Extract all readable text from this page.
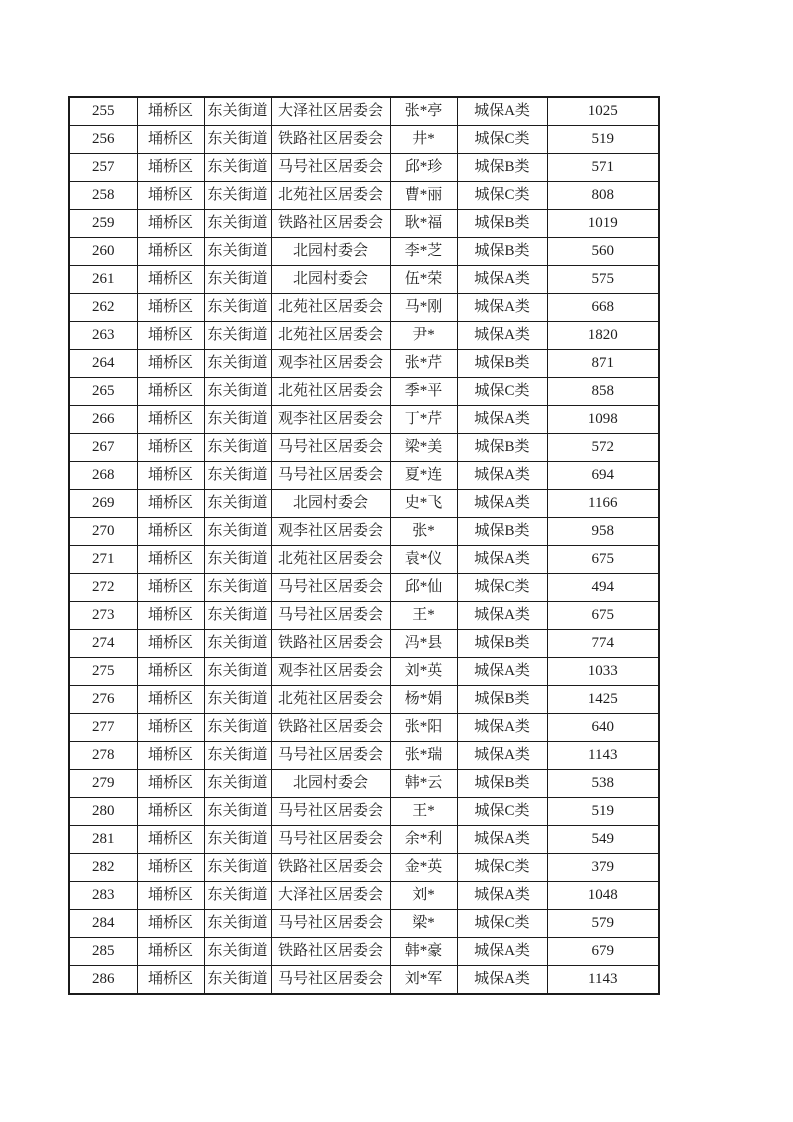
255	埇桥区	东关街道	大泽社区居委会	张*亭	城保A类	1025
256	埇桥区	东关街道	铁路社区居委会	井*	城保C类	519
257	埇桥区	东关街道	马号社区居委会	邱*珍	城保B类	571
258	埇桥区	东关街道	北苑社区居委会	曹*丽	城保C类	808
259	埇桥区	东关街道	铁路社区居委会	耿*福	城保B类	1019
260	埇桥区	东关街道	北园村委会	李*芝	城保B类	560
261	埇桥区	东关街道	北园村委会	伍*荣	城保A类	575
262	埇桥区	东关街道	北苑社区居委会	马*刚	城保A类	668
263	埇桥区	东关街道	北苑社区居委会	尹*	城保A类	1820
264	埇桥区	东关街道	观李社区居委会	张*芹	城保B类	871
265	埇桥区	东关街道	北苑社区居委会	季*平	城保C类	858
266	埇桥区	东关街道	观李社区居委会	丁*芹	城保A类	1098
267	埇桥区	东关街道	马号社区居委会	梁*美	城保B类	572
268	埇桥区	东关街道	马号社区居委会	夏*连	城保A类	694
269	埇桥区	东关街道	北园村委会	史*飞	城保A类	1166
270	埇桥区	东关街道	观李社区居委会	张*	城保B类	958
271	埇桥区	东关街道	北苑社区居委会	袁*仪	城保A类	675
272	埇桥区	东关街道	马号社区居委会	邱*仙	城保C类	494
273	埇桥区	东关街道	马号社区居委会	王*	城保A类	675
274	埇桥区	东关街道	铁路社区居委会	冯*县	城保B类	774
275	埇桥区	东关街道	观李社区居委会	刘*英	城保A类	1033
276	埇桥区	东关街道	北苑社区居委会	杨*娟	城保B类	1425
277	埇桥区	东关街道	铁路社区居委会	张*阳	城保A类	640
278	埇桥区	东关街道	马号社区居委会	张*瑞	城保A类	1143
279	埇桥区	东关街道	北园村委会	韩*云	城保B类	538
280	埇桥区	东关街道	马号社区居委会	王*	城保C类	519
281	埇桥区	东关街道	马号社区居委会	余*利	城保A类	549
282	埇桥区	东关街道	铁路社区居委会	金*英	城保C类	379
283	埇桥区	东关街道	大泽社区居委会	刘*	城保A类	1048
284	埇桥区	东关街道	马号社区居委会	梁*	城保C类	579
285	埇桥区	东关街道	铁路社区居委会	韩*豪	城保A类	679
286	埇桥区	东关街道	马号社区居委会	刘*军	城保A类	1143
